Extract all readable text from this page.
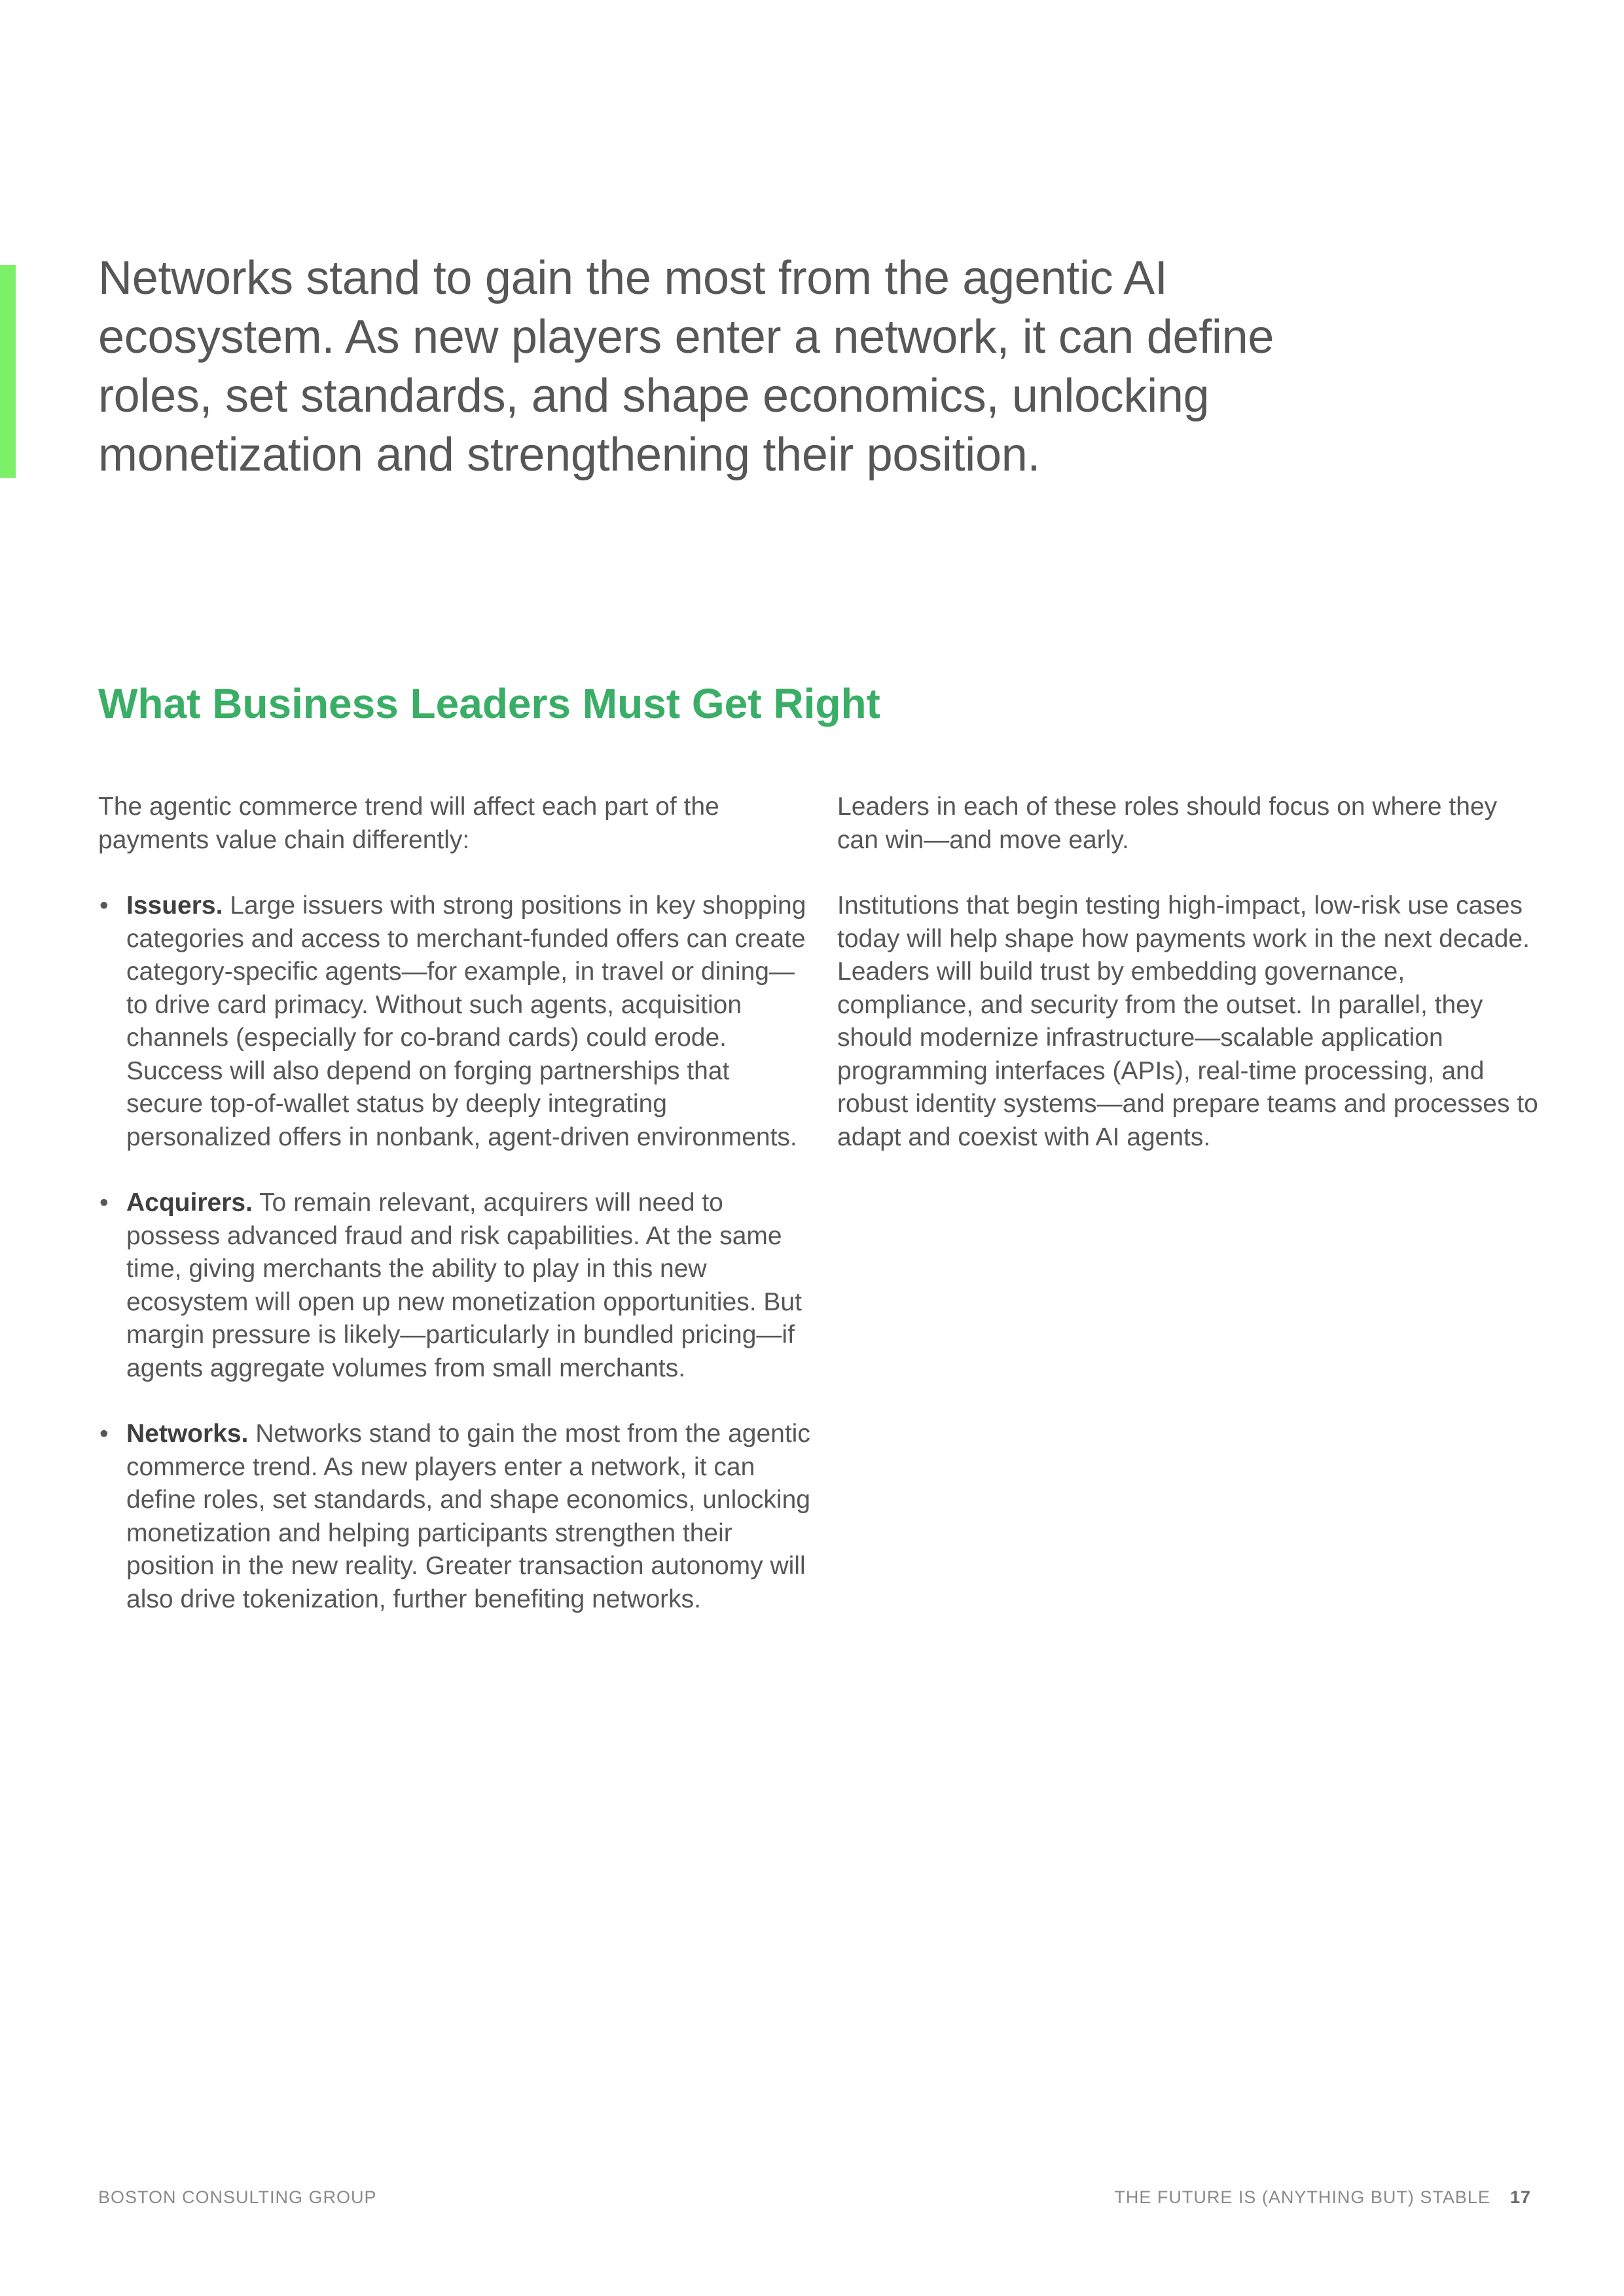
Networks stand to gain the most from the agentic AI ecosystem. As new players enter a network, it can define roles, set standards, and shape economics, unlocking monetization and strengthening their position.

What Business Leaders Must Get Right

The agentic commerce trend will affect each part of the payments value chain differently:

• Issuers. Large issuers with strong positions in key shopping categories and access to merchant-funded offers can create category-specific agents—for example, in travel or dining—to drive card primacy. Without such agents, acquisition channels (especially for co-brand cards) could erode. Success will also depend on forging partnerships that secure top-of-wallet status by deeply integrating personalized offers in nonbank, agent-driven environments.
• Acquirers. To remain relevant, acquirers will need to possess advanced fraud and risk capabilities. At the same time, giving merchants the ability to play in this new ecosystem will open up new monetization opportunities. But margin pressure is likely—particularly in bundled pricing—if agents aggregate volumes from small merchants.
• Networks. Networks stand to gain the most from the agentic commerce trend. As new players enter a network, it can define roles, set standards, and shape economics, unlocking monetization and helping participants strengthen their position in the new reality. Greater transaction autonomy will also drive tokenization, further benefiting networks.

Leaders in each of these roles should focus on where they can win—and move early.

Institutions that begin testing high-impact, low-risk use cases today will help shape how payments work in the next decade. Leaders will build trust by embedding governance, compliance, and security from the outset. In parallel, they should modernize infrastructure—scalable application programming interfaces (APIs), real-time processing, and robust identity systems—and prepare teams and processes to adapt and coexist with AI agents.

BOSTON CONSULTING GROUP	THE FUTURE IS (ANYTHING BUT) STABLE 17
